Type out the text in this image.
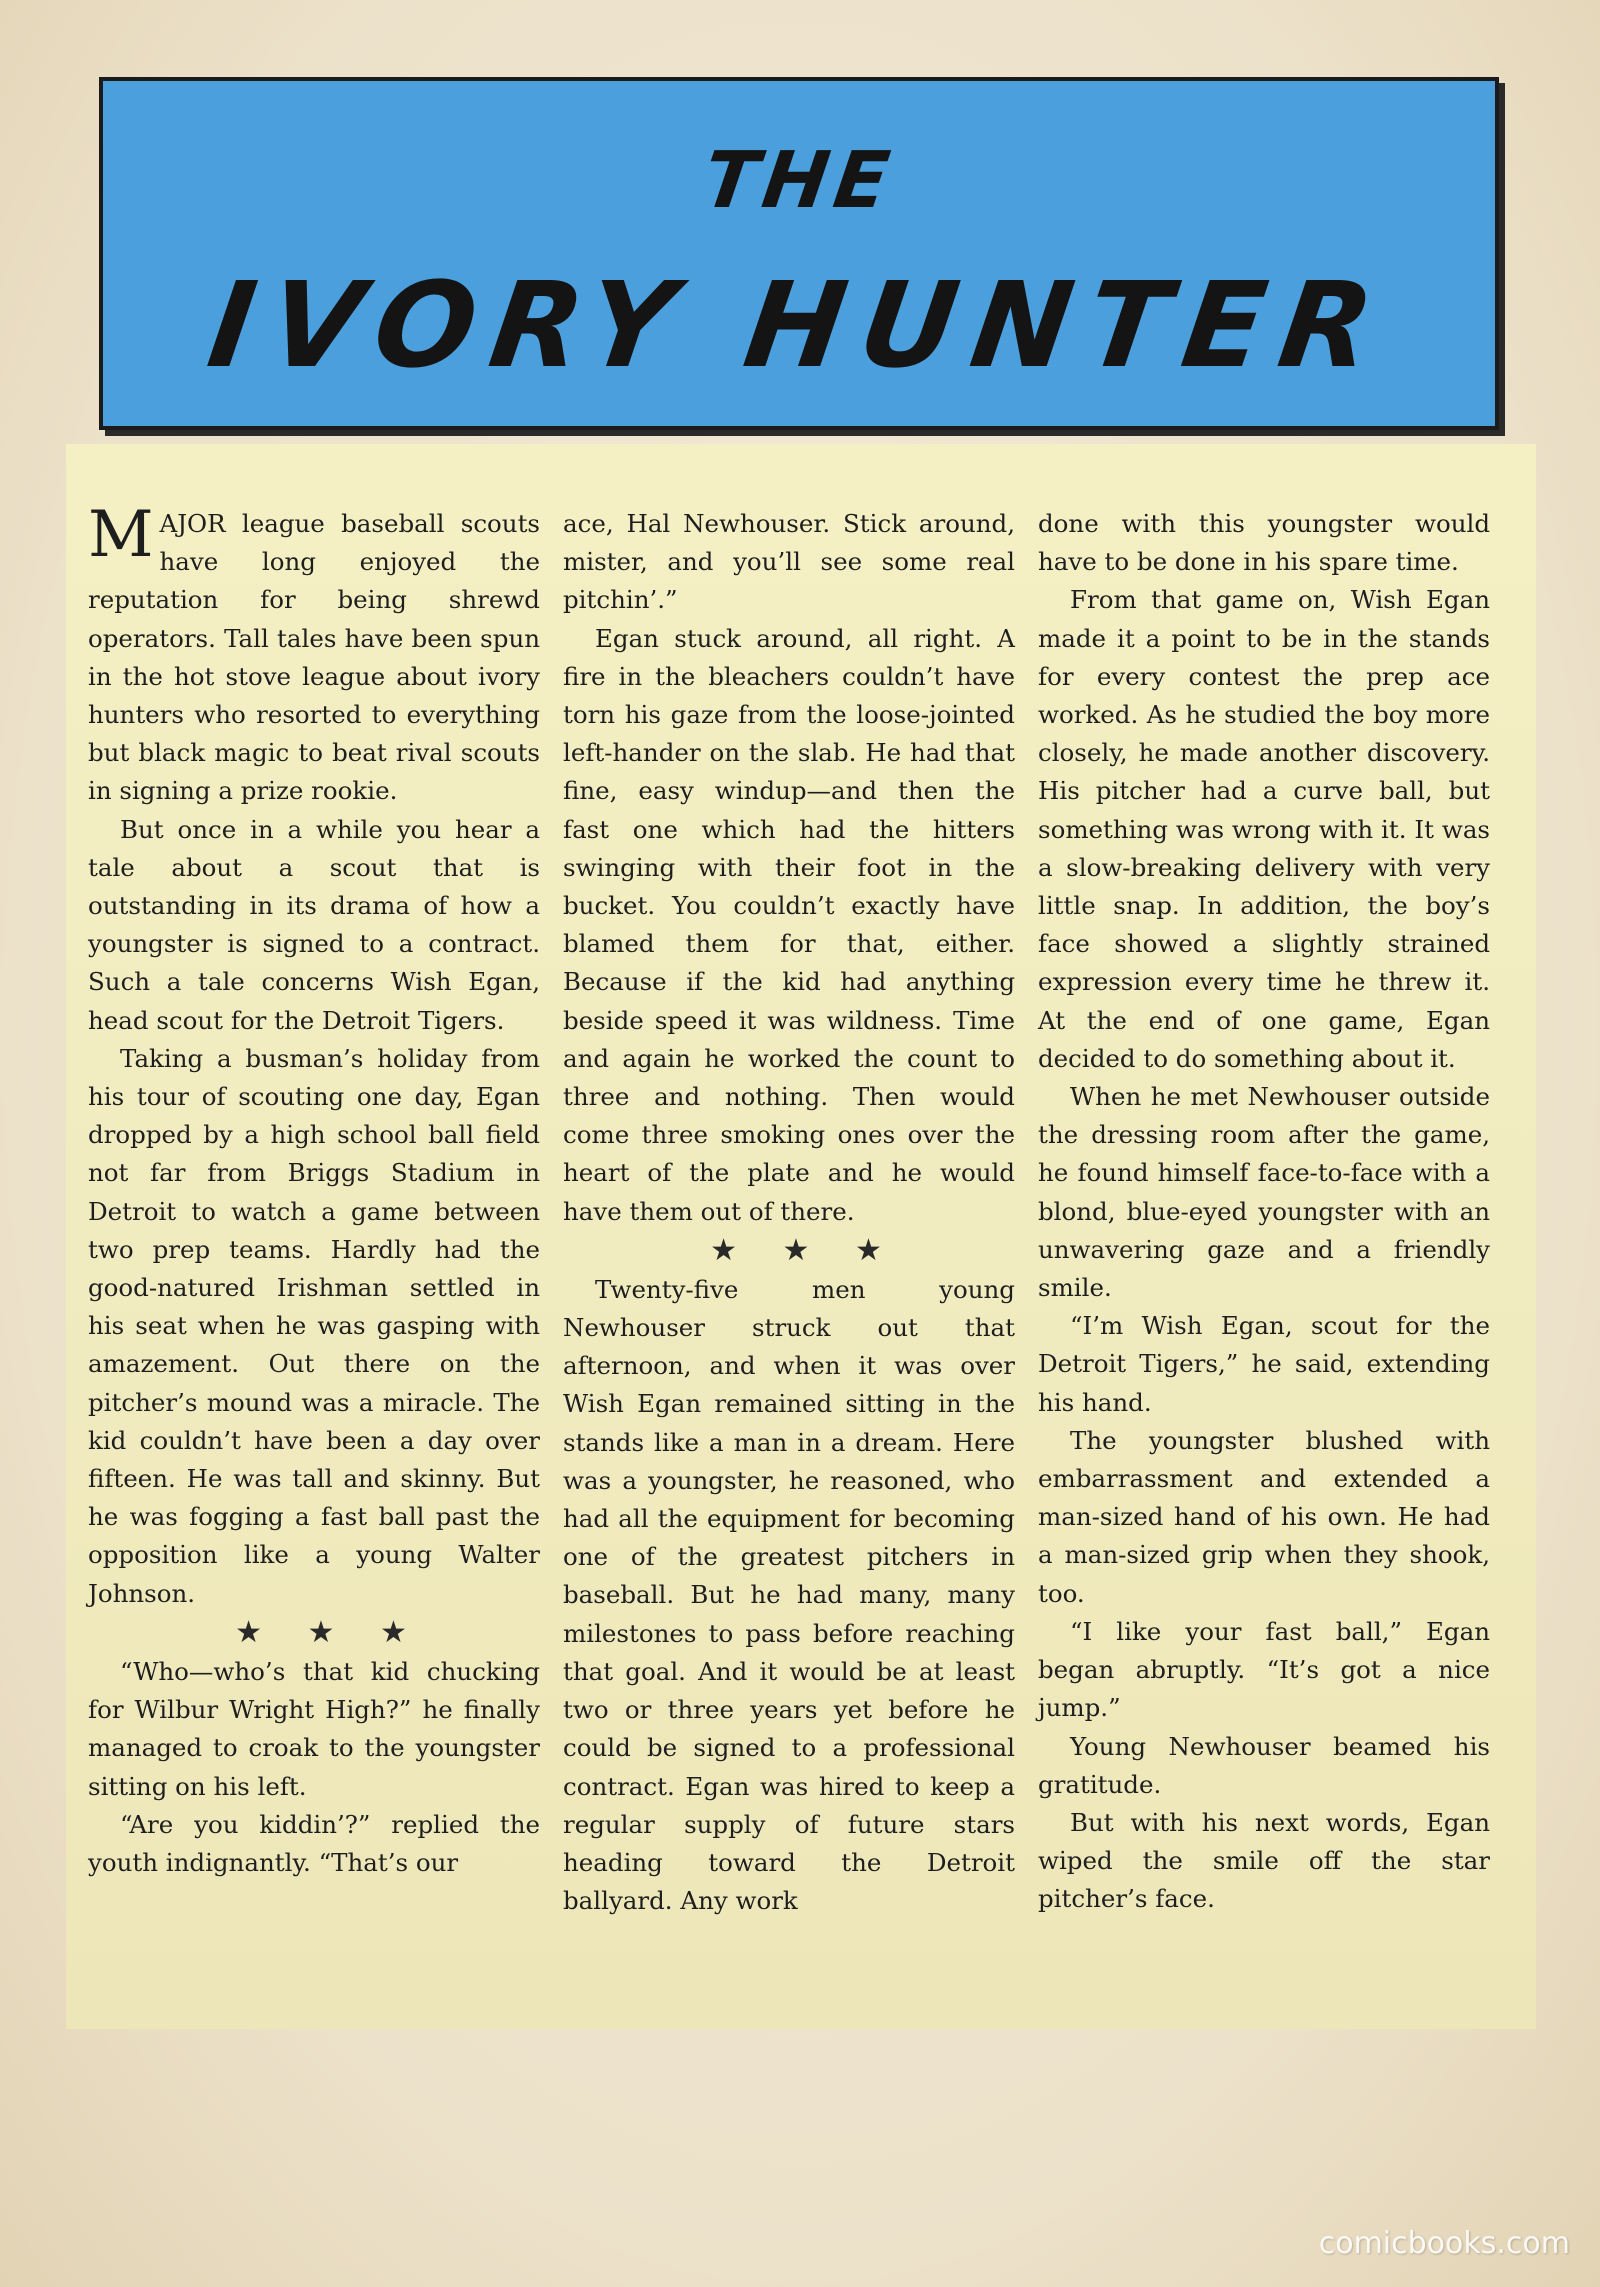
THE
IVORY HUNTER

MAJOR league baseball scouts have long enjoyed the reputation for being shrewd operators. Tall tales have been spun in the hot stove league about ivory hunters who resorted to everything but black magic to beat rival scouts in signing a prize rookie.

But once in a while you hear a tale about a scout that is outstanding in its drama of how a youngster is signed to a contract. Such a tale concerns Wish Egan, head scout for the Detroit Tigers.

Taking a busman’s holiday from his tour of scouting one day, Egan dropped by a high school ball field not far from Briggs Stadium in Detroit to watch a game between two prep teams. Hardly had the good-natured Irishman settled in his seat when he was gasping with amazement. Out there on the pitcher’s mound was a miracle. The kid couldn’t have been a day over fifteen. He was tall and skinny. But he was fogging a fast ball past the opposition like a young Walter Johnson.

★ ★ ★

“Who—who’s that kid chucking for Wilbur Wright High?” he finally managed to croak to the youngster sitting on his left.

“Are you kiddin’?” replied the youth indignantly. “That’s our

ace, Hal Newhouser. Stick around, mister, and you’ll see some real pitchin’.”

Egan stuck around, all right. A fire in the bleachers couldn’t have torn his gaze from the loose-jointed left-hander on the slab. He had that fine, easy windup—and then the fast one which had the hitters swinging with their foot in the bucket. You couldn’t exactly have blamed them for that, either. Because if the kid had anything beside speed it was wildness. Time and again he worked the count to three and nothing. Then would come three smoking ones over the heart of the plate and he would have them out of there.

★ ★ ★

Twenty-five men young Newhouser struck out that afternoon, and when it was over Wish Egan remained sitting in the stands like a man in a dream. Here was a youngster, he reasoned, who had all the equipment for becoming one of the greatest pitchers in baseball. But he had many, many milestones to pass before reaching that goal. And it would be at least two or three years yet before he could be signed to a professional contract. Egan was hired to keep a regular supply of future stars heading toward the Detroit ballyard. Any work

done with this youngster would have to be done in his spare time.

From that game on, Wish Egan made it a point to be in the stands for every contest the prep ace worked. As he studied the boy more closely, he made another discovery. His pitcher had a curve ball, but something was wrong with it. It was a slow-breaking delivery with very little snap. In addition, the boy’s face showed a slightly strained expression every time he threw it. At the end of one game, Egan decided to do something about it.

When he met Newhouser outside the dressing room after the game, he found himself face-to-face with a blond, blue-eyed youngster with an unwavering gaze and a friendly smile.

“I’m Wish Egan, scout for the Detroit Tigers,” he said, extending his hand.

The youngster blushed with embarrassment and extended a man-sized hand of his own. He had a man-sized grip when they shook, too.

“I like your fast ball,” Egan began abruptly. “It’s got a nice jump.”

Young Newhouser beamed his gratitude.

But with his next words, Egan wiped the smile off the star pitcher’s face.

comicbooks.com
